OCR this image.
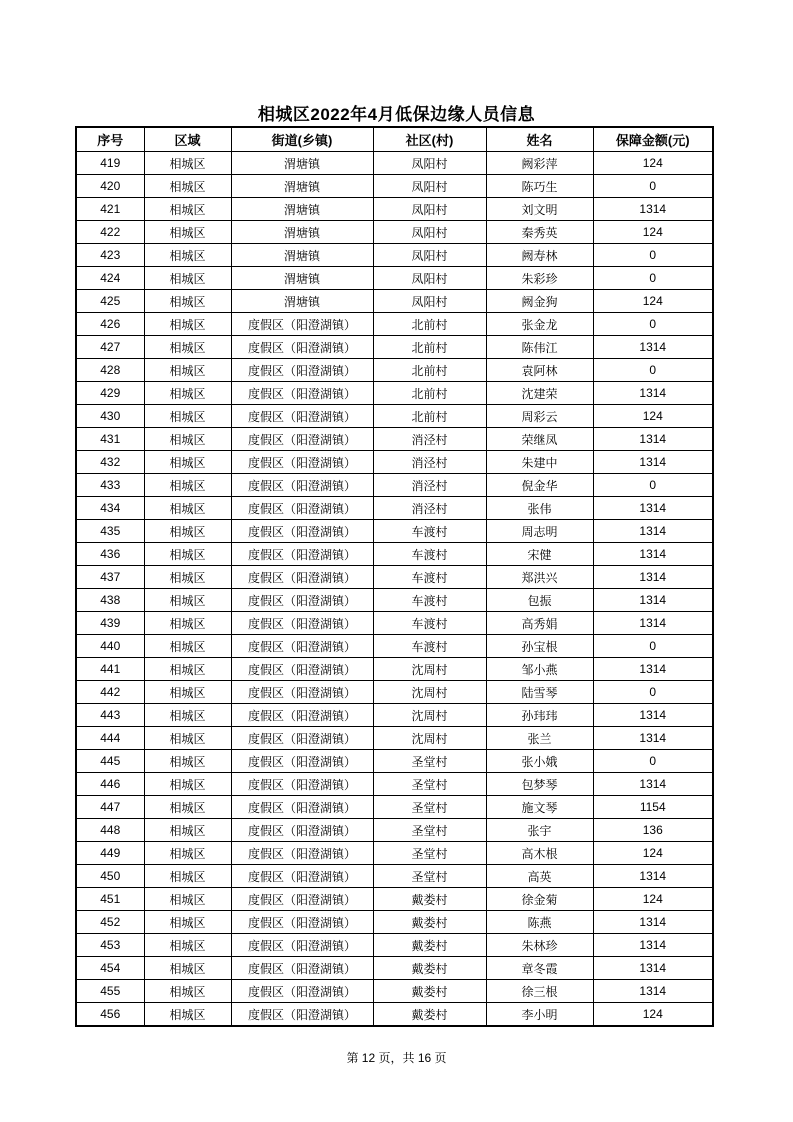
相城区2022年4月低保边缘人员信息
序号	区域	街道(乡镇)	社区(村)	姓名	保障金额(元)
419	相城区	渭塘镇	凤阳村	阙彩萍	124
420	相城区	渭塘镇	凤阳村	陈巧生	0
421	相城区	渭塘镇	凤阳村	刘文明	1314
422	相城区	渭塘镇	凤阳村	秦秀英	124
423	相城区	渭塘镇	凤阳村	阙寿林	0
424	相城区	渭塘镇	凤阳村	朱彩珍	0
425	相城区	渭塘镇	凤阳村	阙金狗	124
426	相城区	度假区（阳澄湖镇）	北前村	张金龙	0
427	相城区	度假区（阳澄湖镇）	北前村	陈伟江	1314
428	相城区	度假区（阳澄湖镇）	北前村	袁阿林	0
429	相城区	度假区（阳澄湖镇）	北前村	沈建荣	1314
430	相城区	度假区（阳澄湖镇）	北前村	周彩云	124
431	相城区	度假区（阳澄湖镇）	消泾村	荣继凤	1314
432	相城区	度假区（阳澄湖镇）	消泾村	朱建中	1314
433	相城区	度假区（阳澄湖镇）	消泾村	倪金华	0
434	相城区	度假区（阳澄湖镇）	消泾村	张伟	1314
435	相城区	度假区（阳澄湖镇）	车渡村	周志明	1314
436	相城区	度假区（阳澄湖镇）	车渡村	宋健	1314
437	相城区	度假区（阳澄湖镇）	车渡村	郑洪兴	1314
438	相城区	度假区（阳澄湖镇）	车渡村	包振	1314
439	相城区	度假区（阳澄湖镇）	车渡村	高秀娟	1314
440	相城区	度假区（阳澄湖镇）	车渡村	孙宝根	0
441	相城区	度假区（阳澄湖镇）	沈周村	邹小燕	1314
442	相城区	度假区（阳澄湖镇）	沈周村	陆雪琴	0
443	相城区	度假区（阳澄湖镇）	沈周村	孙玮玮	1314
444	相城区	度假区（阳澄湖镇）	沈周村	张兰	1314
445	相城区	度假区（阳澄湖镇）	圣堂村	张小娥	0
446	相城区	度假区（阳澄湖镇）	圣堂村	包梦琴	1314
447	相城区	度假区（阳澄湖镇）	圣堂村	施文琴	1154
448	相城区	度假区（阳澄湖镇）	圣堂村	张宇	136
449	相城区	度假区（阳澄湖镇）	圣堂村	高木根	124
450	相城区	度假区（阳澄湖镇）	圣堂村	高英	1314
451	相城区	度假区（阳澄湖镇）	戴娄村	徐金菊	124
452	相城区	度假区（阳澄湖镇）	戴娄村	陈燕	1314
453	相城区	度假区（阳澄湖镇）	戴娄村	朱林珍	1314
454	相城区	度假区（阳澄湖镇）	戴娄村	章冬霞	1314
455	相城区	度假区（阳澄湖镇）	戴娄村	徐三根	1314
456	相城区	度假区（阳澄湖镇）	戴娄村	李小明	124
第 12 页，共 16 页
